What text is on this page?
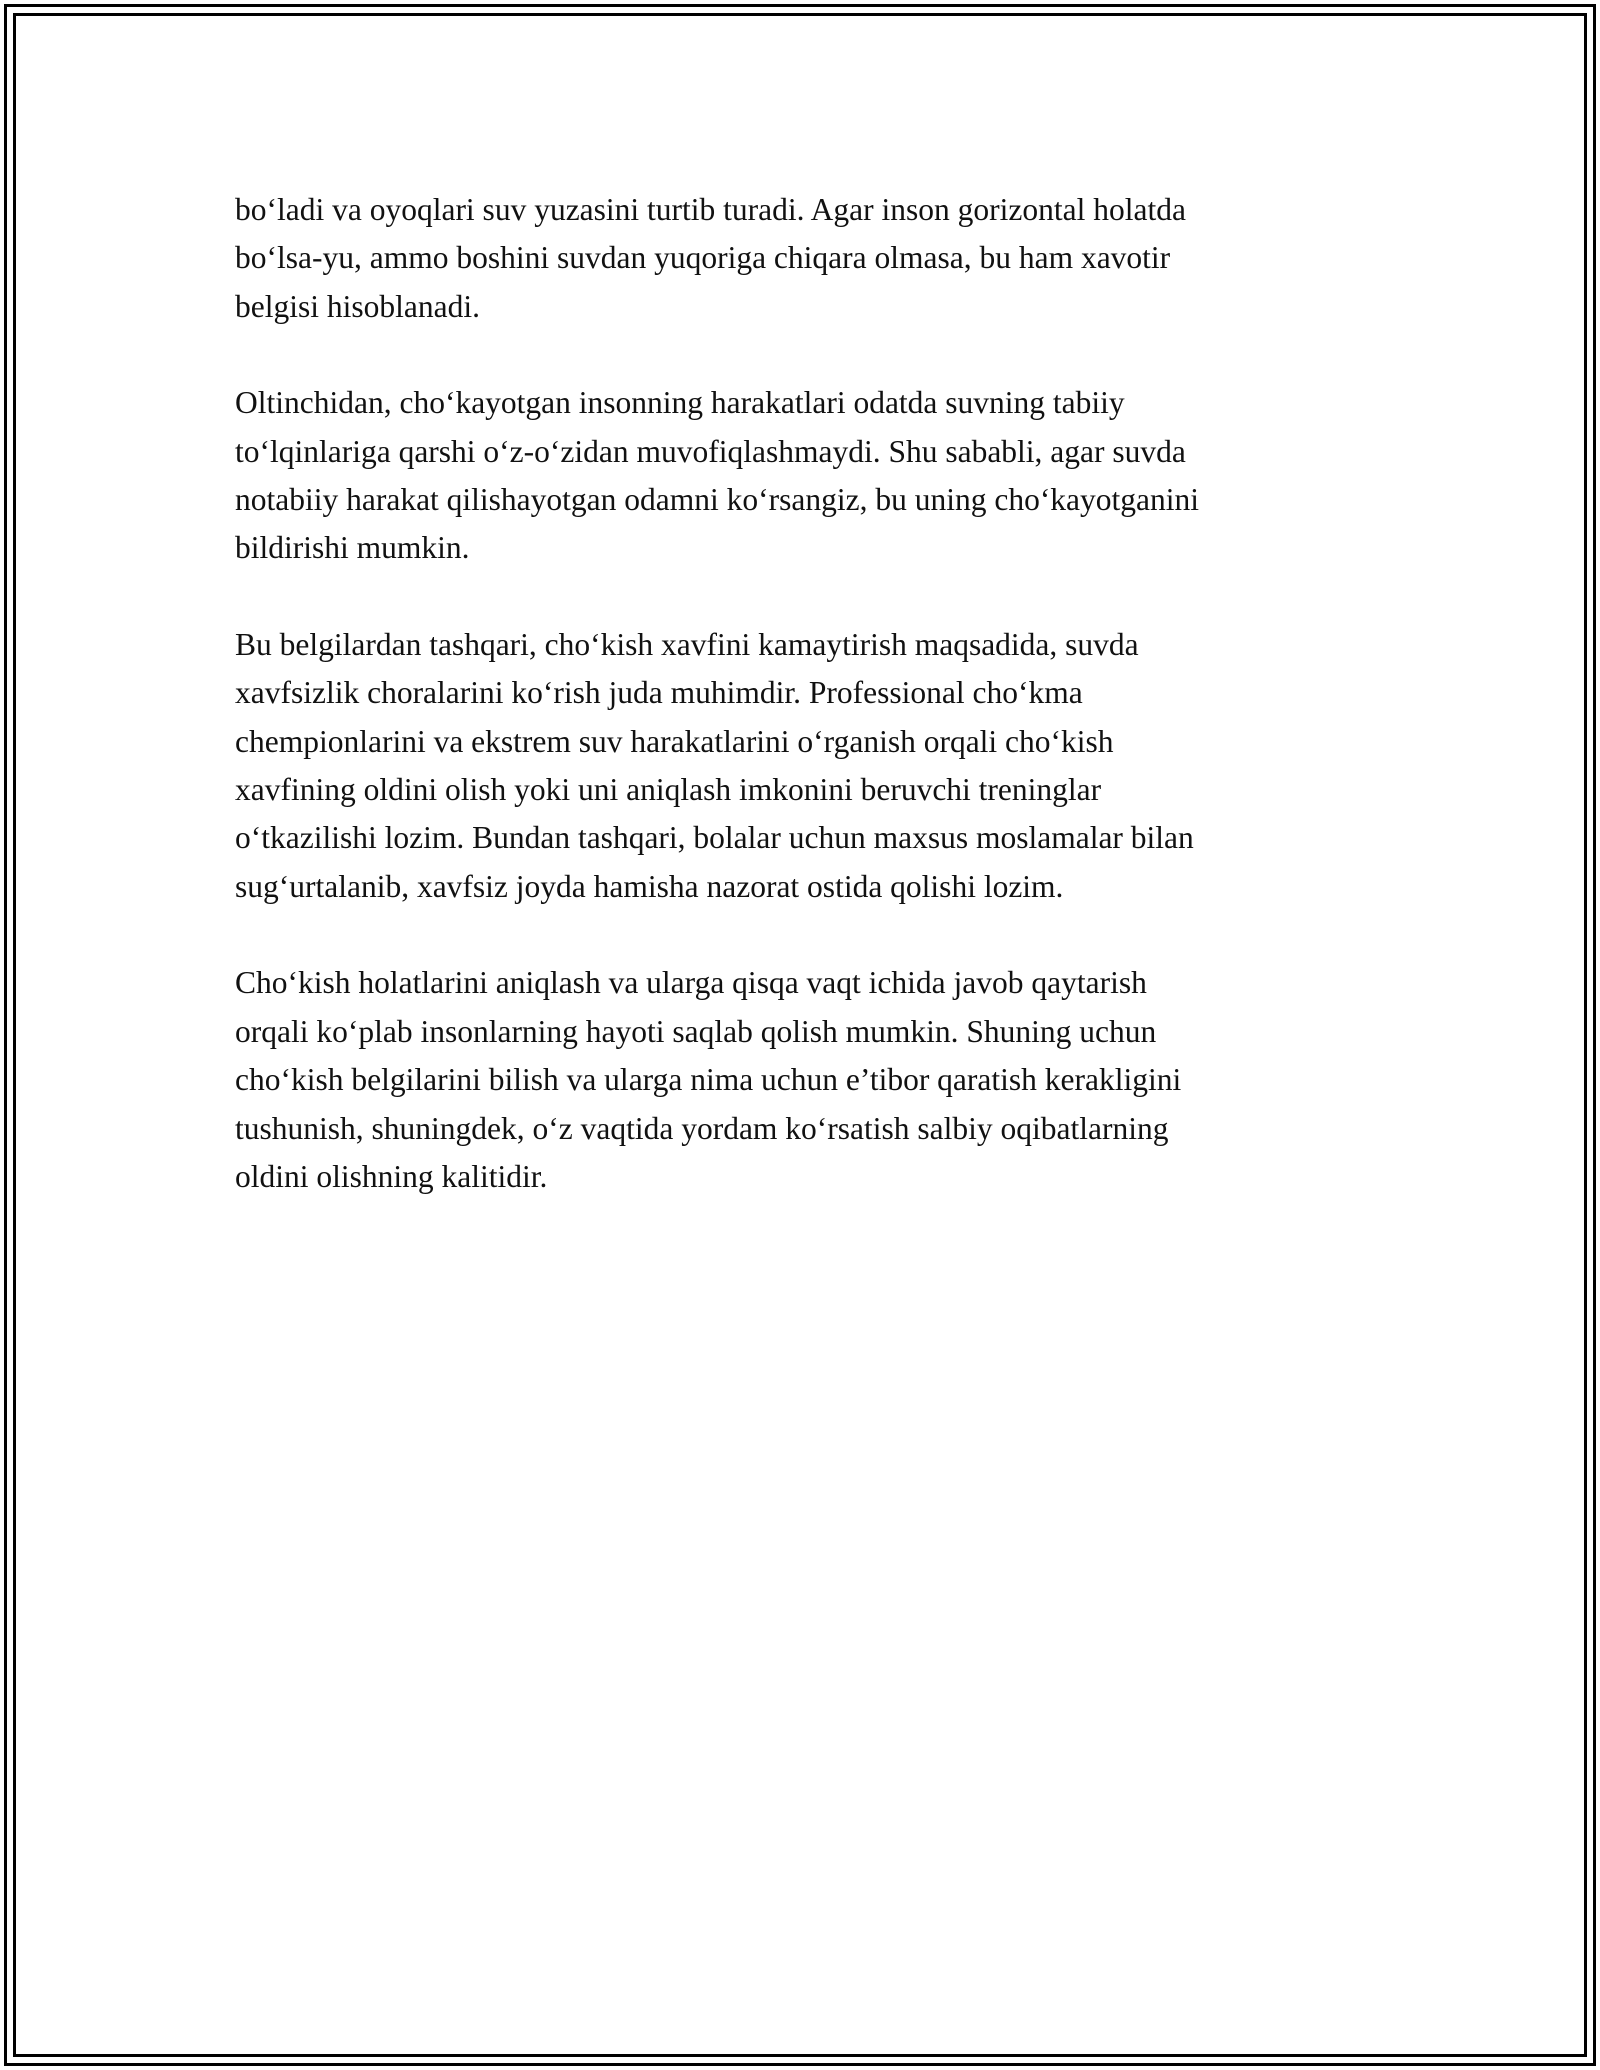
bo‘ladi va oyoqlari suv yuzasini turtib turadi. Agar inson gorizontal holatda
bo‘lsa-yu, ammo boshini suvdan yuqoriga chiqara olmasa, bu ham xavotir
belgisi hisoblanadi.

Oltinchidan, cho‘kayotgan insonning harakatlari odatda suvning tabiiy
to‘lqinlariga qarshi o‘z-o‘zidan muvofiqlashmaydi. Shu sababli, agar suvda
notabiiy harakat qilishayotgan odamni ko‘rsangiz, bu uning cho‘kayotganini
bildirishi mumkin.

Bu belgilardan tashqari, cho‘kish xavfini kamaytirish maqsadida, suvda
xavfsizlik choralarini ko‘rish juda muhimdir. Professional cho‘kma
chempionlarini va ekstrem suv harakatlarini o‘rganish orqali cho‘kish
xavfining oldini olish yoki uni aniqlash imkonini beruvchi treninglar
o‘tkazilishi lozim. Bundan tashqari, bolalar uchun maxsus moslamalar bilan
sug‘urtalanib, xavfsiz joyda hamisha nazorat ostida qolishi lozim.

Cho‘kish holatlarini aniqlash va ularga qisqa vaqt ichida javob qaytarish
orqali ko‘plab insonlarning hayoti saqlab qolish mumkin. Shuning uchun
cho‘kish belgilarini bilish va ularga nima uchun e’tibor qaratish kerakligini
tushunish, shuningdek, o‘z vaqtida yordam ko‘rsatish salbiy oqibatlarning
oldini olishning kalitidir.
